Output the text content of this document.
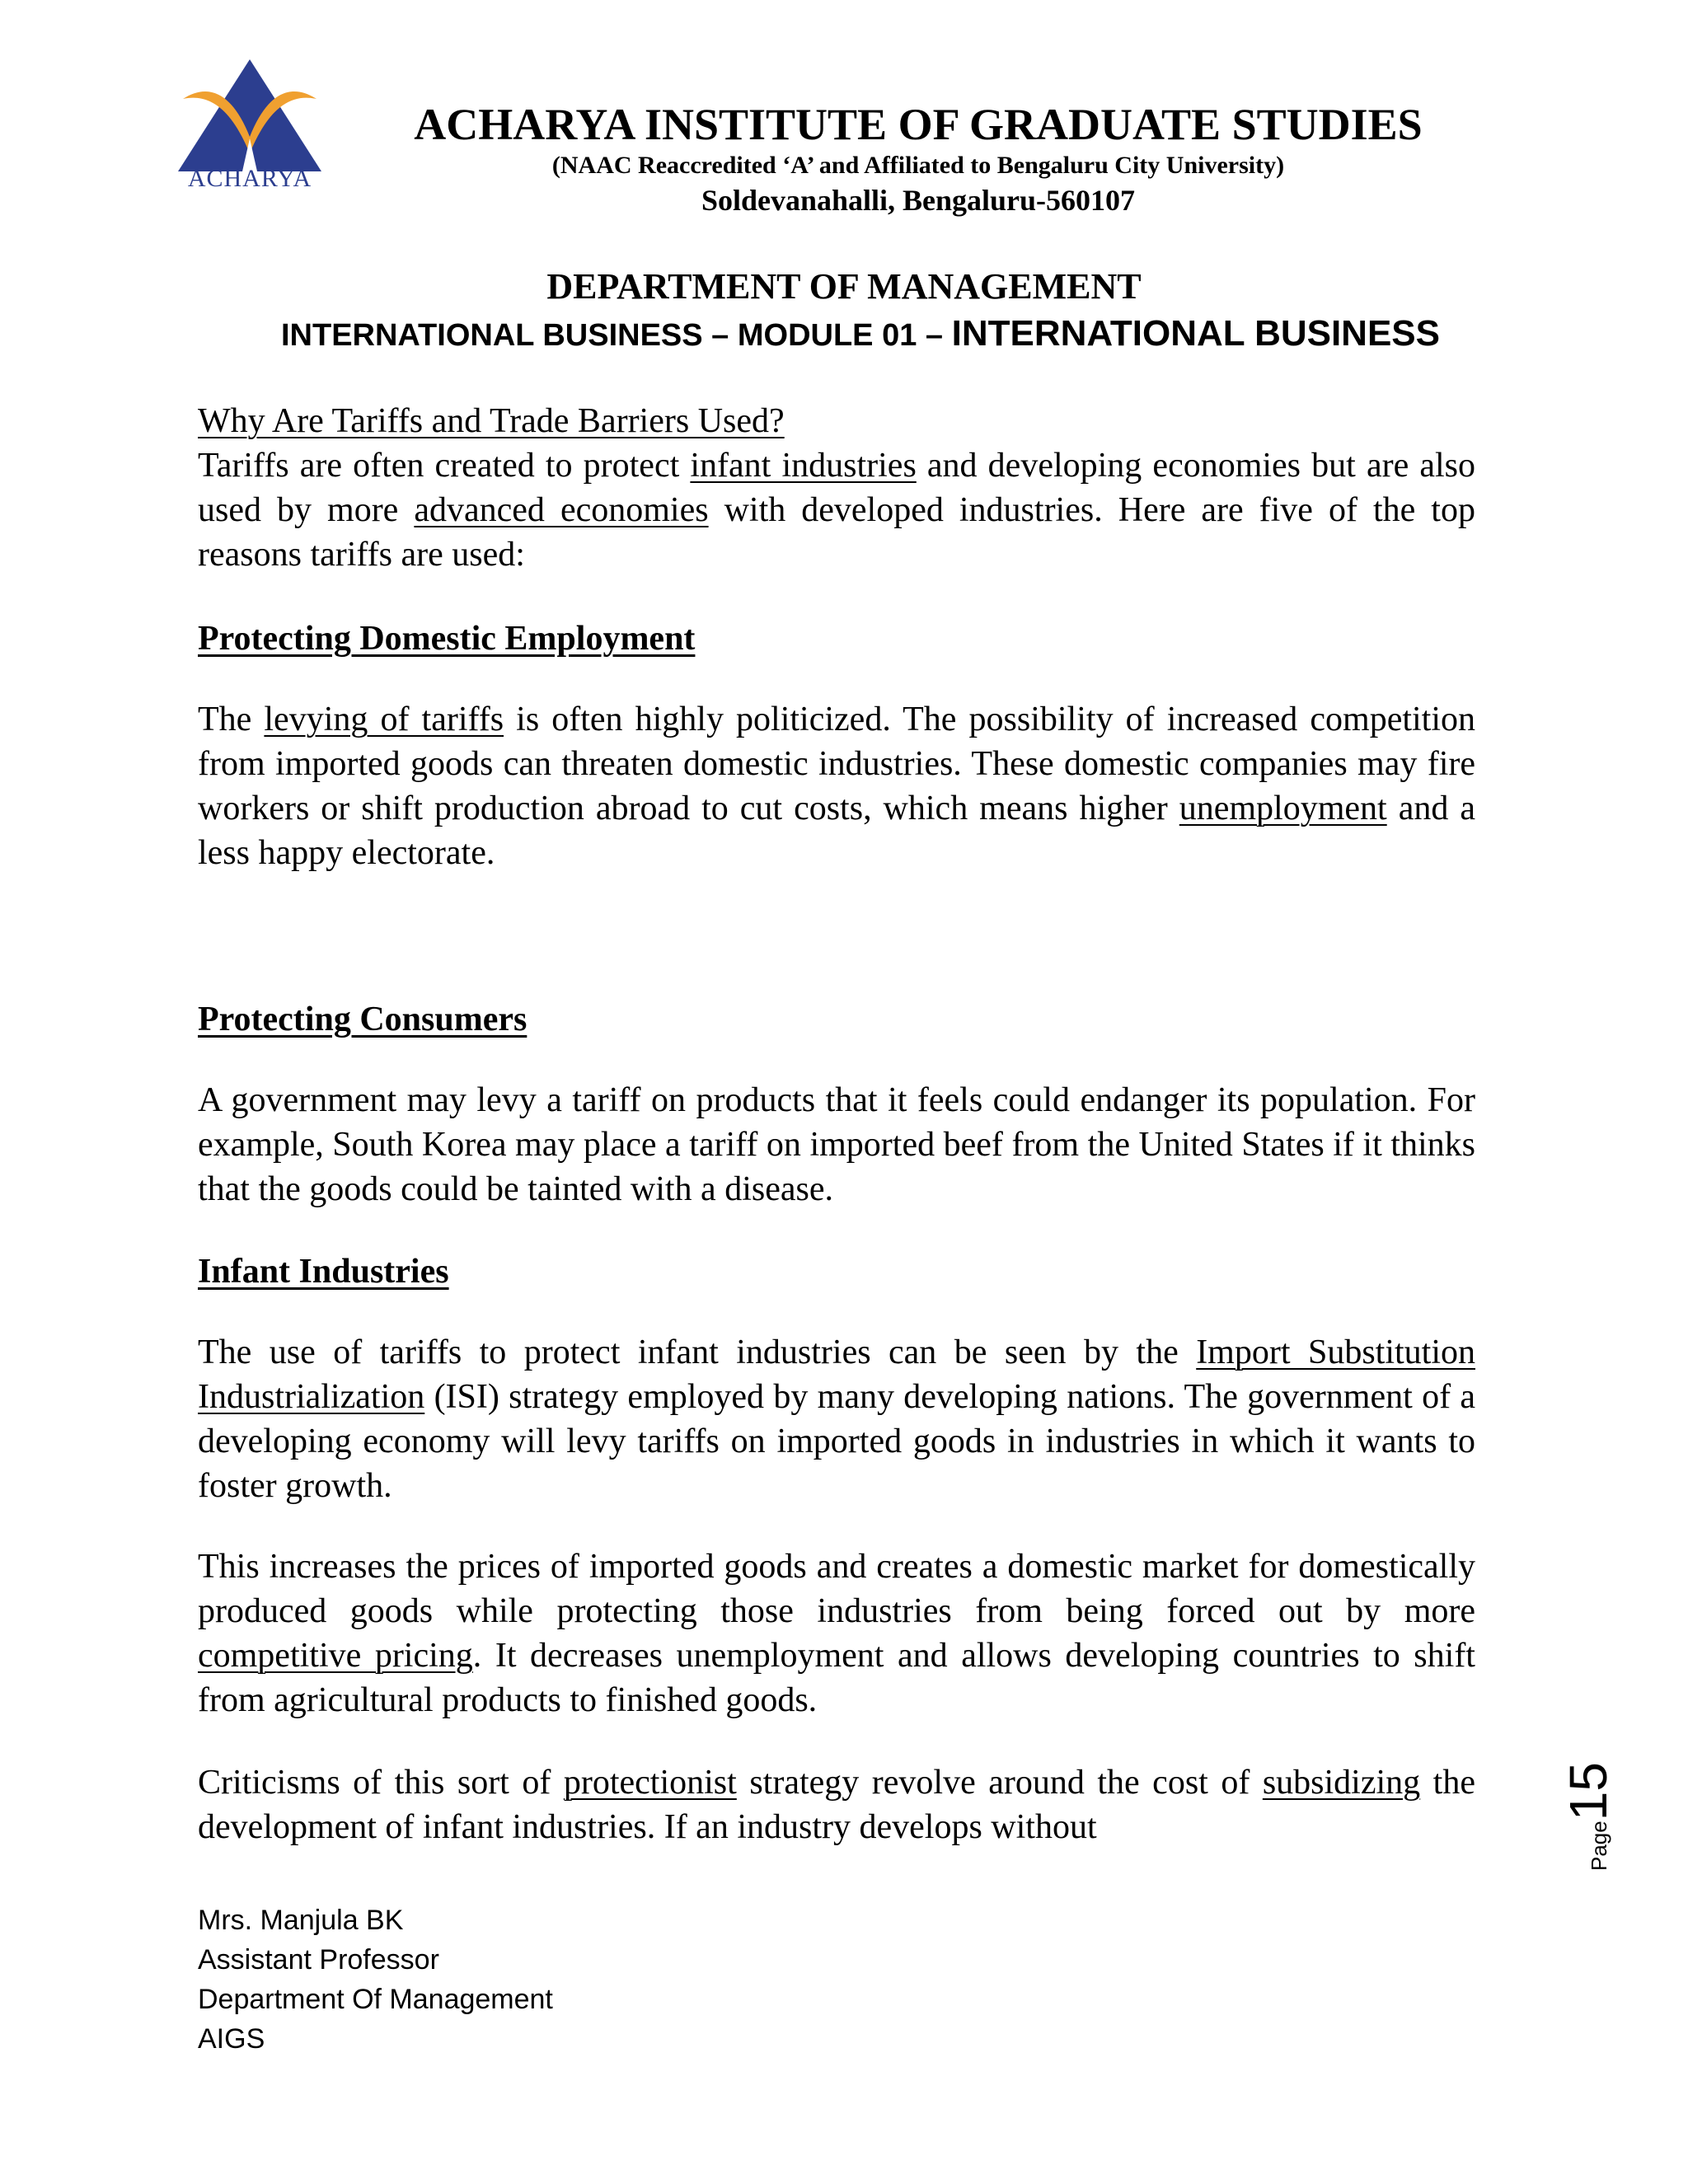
ACHARYA
ACHARYA INSTITUTE OF GRADUATE STUDIES
(NAAC Reaccredited ‘A’ and Affiliated to Bengaluru City University)
Soldevanahalli, Bengaluru-560107
DEPARTMENT OF MANAGEMENT
INTERNATIONAL BUSINESS – MODULE 01 – INTERNATIONAL BUSINESS

Why Are Tariffs and Trade Barriers Used?

Tariffs are often created to protect infant industries and developing economies but are also used by more advanced economies with developed industries. Here are five of the top reasons tariffs are used:

Protecting Domestic Employment

The levying of tariffs is often highly politicized. The possibility of increased competition from imported goods can threaten domestic industries. These domestic companies may fire workers or shift production abroad to cut costs, which means higher unemployment and a less happy electorate.

Protecting Consumers

A government may levy a tariff on products that it feels could endanger its population. For example, South Korea may place a tariff on imported beef from the United States if it thinks that the goods could be tainted with a disease.

Infant Industries

The use of tariffs to protect infant industries can be seen by the Import Substitution Industrialization (ISI) strategy employed by many developing nations. The government of a developing economy will levy tariffs on imported goods in industries in which it wants to foster growth.

This increases the prices of imported goods and creates a domestic market for domestically produced goods while protecting those industries from being forced out by more competitive pricing. It decreases unemployment and allows developing countries to shift from agricultural products to finished goods.

Criticisms of this sort of protectionist strategy revolve around the cost of subsidizing the development of infant industries. If an industry develops without	Page15
Mrs. Manjula BK
Assistant Professor
Department Of Management
AIGS
